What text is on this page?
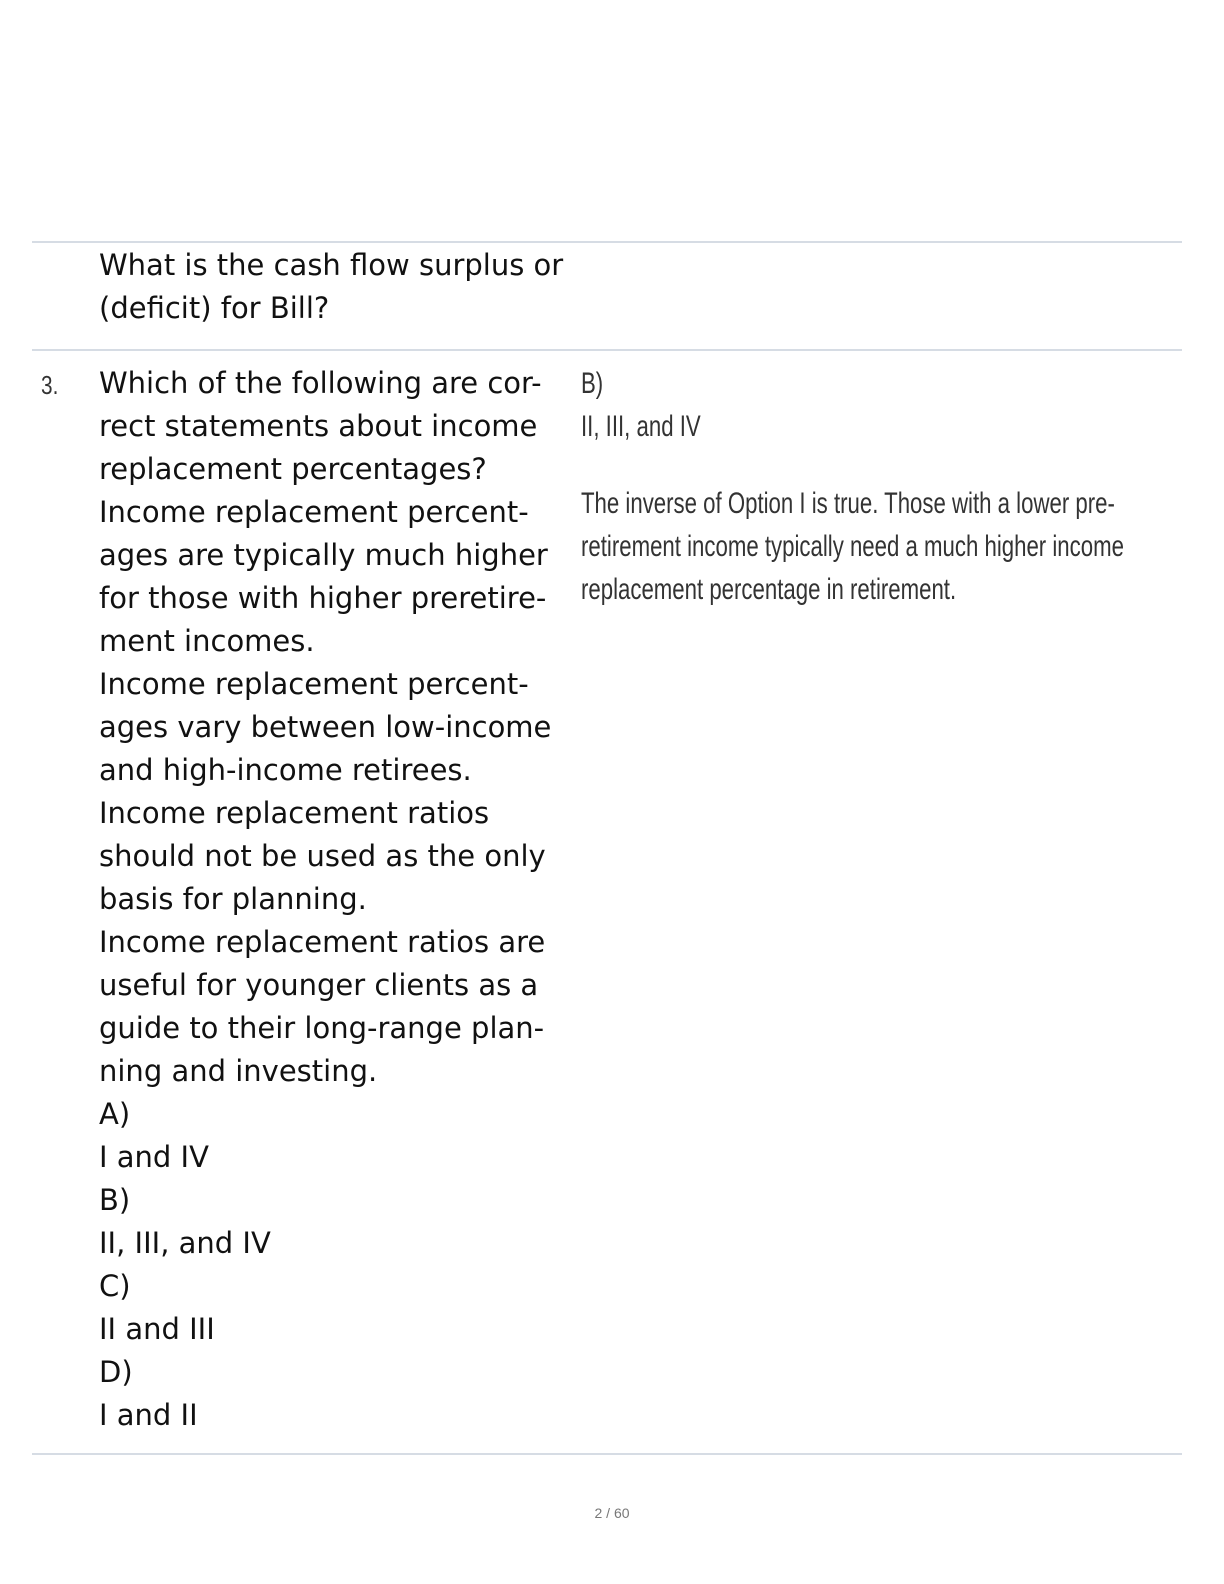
What is the cash flow surplus or
(deficit) for Bill?
3. Which of the following are cor-
rect statements about income
replacement percentages?
Income replacement percent-
ages are typically much higher
for those with higher preretire-
ment incomes.
Income replacement percent-
ages vary between low-income
and high-income retirees.
Income replacement ratios
should not be used as the only
basis for planning.
Income replacement ratios are
useful for younger clients as a
guide to their long-range plan-
ning and investing.
A)
I and IV
B)
II, III, and IV
C)
II and III
D)
I and II
B)
II, III, and IV
The inverse of Option I is true. Those with a lower pre-
retirement income typically need a much higher income
replacement percentage in retirement.
2 / 60
